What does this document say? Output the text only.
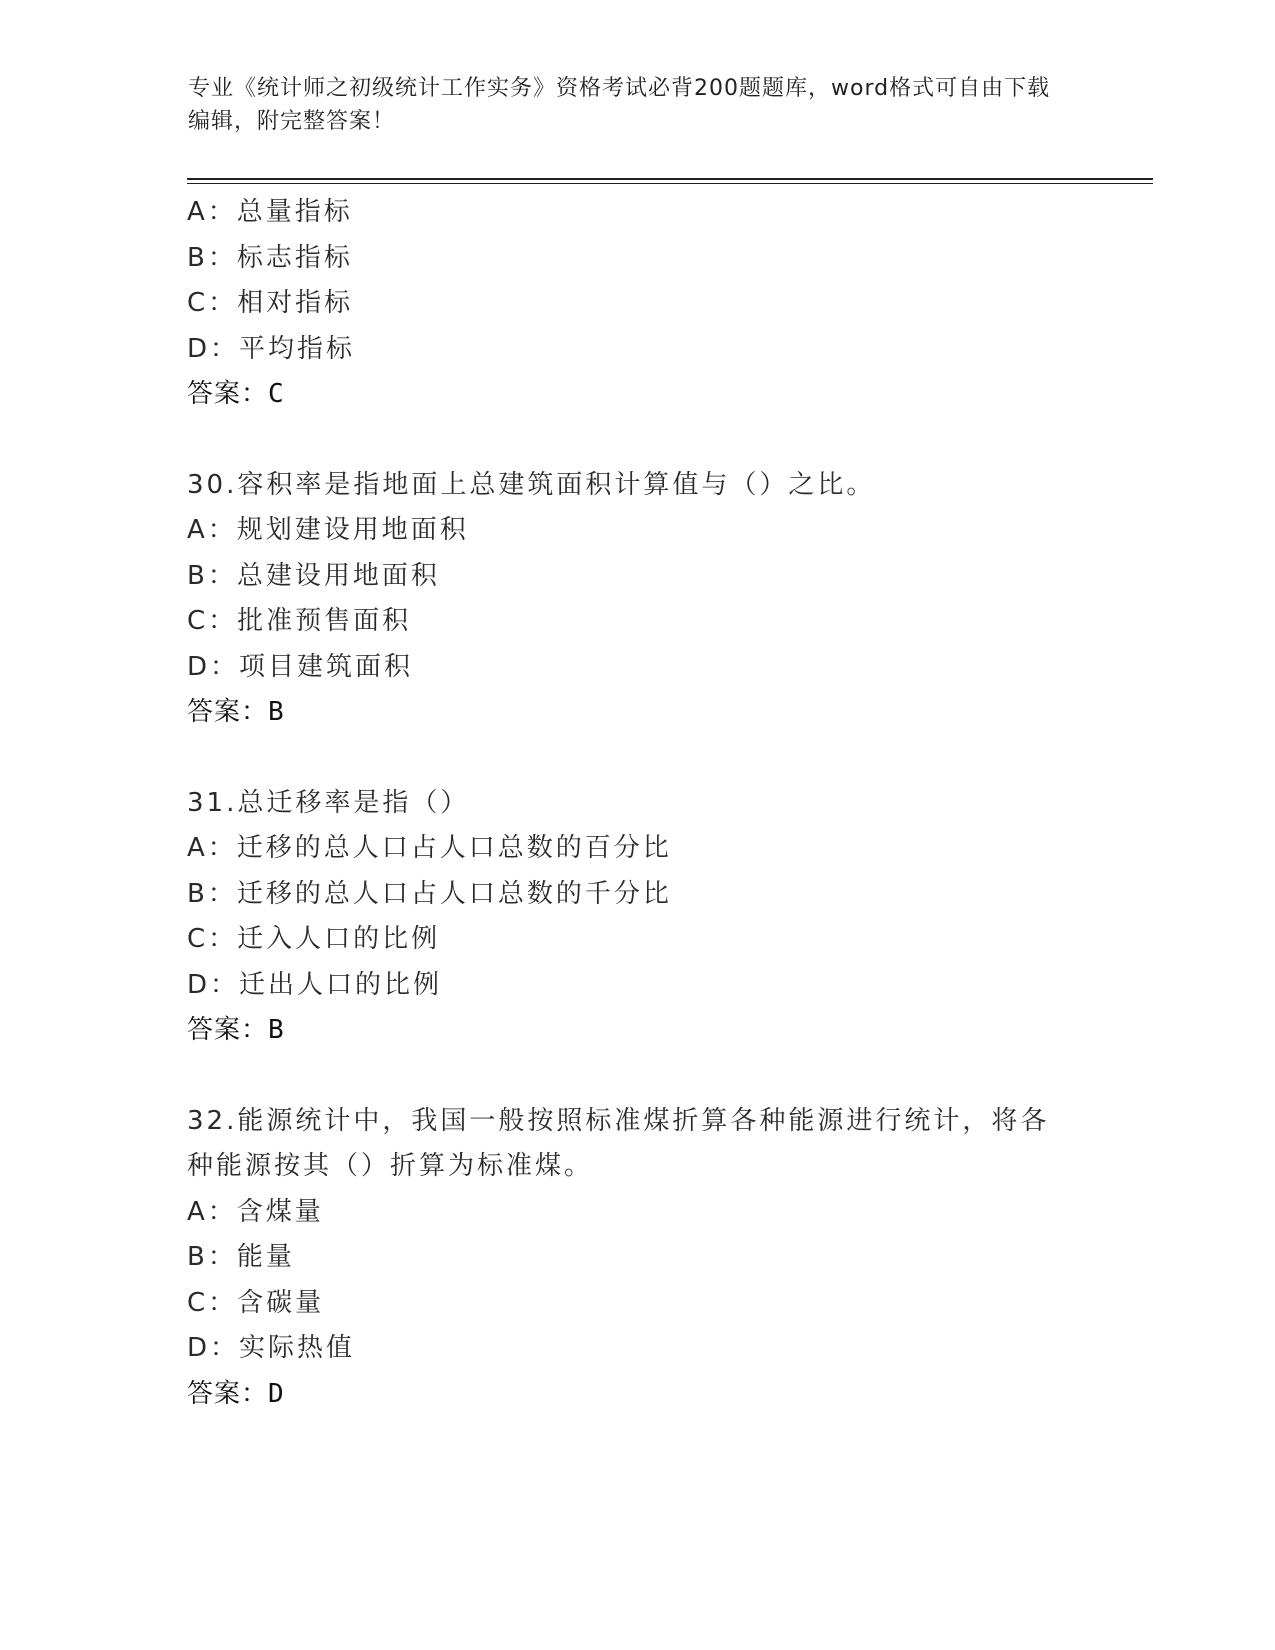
专业《统计师之初级统计工作实务》资格考试必背200题题库，word格式可自由下载编辑，附完整答案！
A：总量指标
B：标志指标
C：相对指标
D：平均指标
答案：C
30.容积率是指地面上总建筑面积计算值与（）之比。
A：规划建设用地面积
B：总建设用地面积
C：批准预售面积
D：项目建筑面积
答案：B
31.总迁移率是指（）
A：迁移的总人口占人口总数的百分比
B：迁移的总人口占人口总数的千分比
C：迁入人口的比例
D：迁出人口的比例
答案：B
32.能源统计中，我国一般按照标准煤折算各种能源进行统计，将各种能源按其（）折算为标准煤。
A：含煤量
B：能量
C：含碳量
D：实际热值
答案：D
